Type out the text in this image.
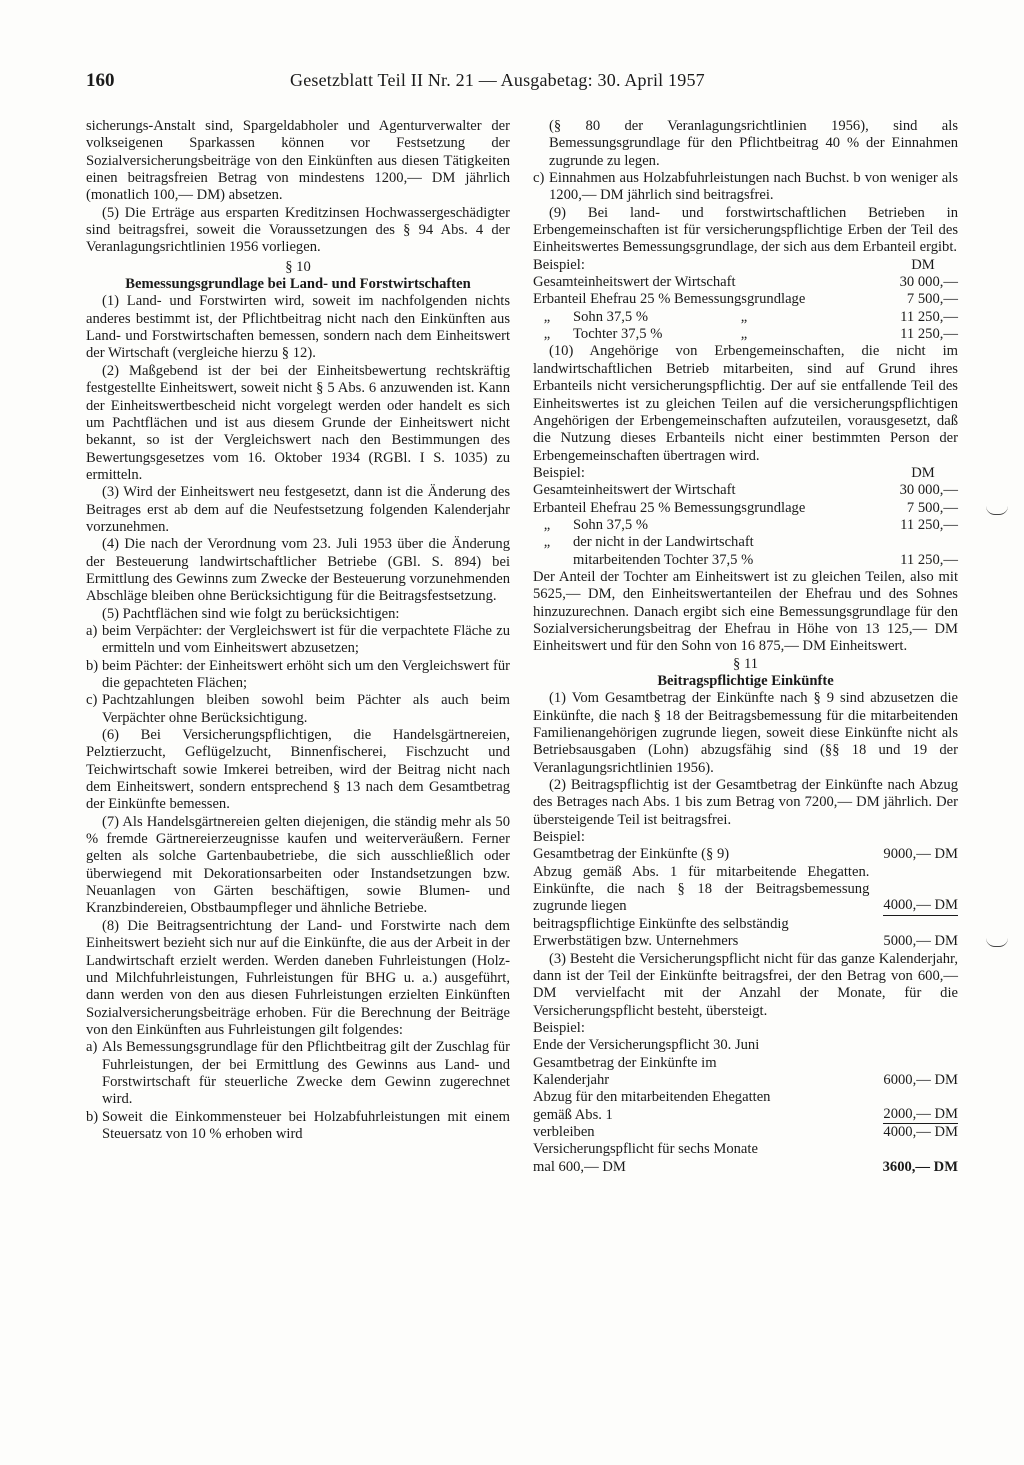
160	Gesetzblatt Teil II Nr. 21 — Ausgabetag: 30. April 1957

sicherungs-Anstalt sind, Spargeldabholer und Agenturverwalter der volkseigenen Sparkassen können vor Festsetzung der Sozialversicherungsbeiträge von den Einkünften aus diesen Tätigkeiten einen beitragsfreien Betrag von mindestens 1200,— DM jährlich (monatlich 100,— DM) absetzen.

(5) Die Erträge aus ersparten Kreditzinsen Hochwassergeschädigter sind beitragsfrei, soweit die Voraussetzungen des § 94 Abs. 4 der Veranlagungsrichtlinien 1956 vorliegen.

§ 10

Bemessungsgrundlage bei Land- und Forstwirtschaften

(1) Land- und Forstwirten wird, soweit im nachfolgenden nichts anderes bestimmt ist, der Pflichtbeitrag nicht nach den Einkünften aus Land- und Forstwirtschaften bemessen, sondern nach dem Einheitswert der Wirtschaft (vergleiche hierzu § 12).

(2) Maßgebend ist der bei der Einheitsbewertung rechtskräftig festgestellte Einheitswert, soweit nicht § 5 Abs. 6 anzuwenden ist. Kann der Einheitswertbescheid nicht vorgelegt werden oder handelt es sich um Pachtflächen und ist aus diesem Grunde der Einheitswert nicht bekannt, so ist der Vergleichswert nach den Bestimmungen des Bewertungsgesetzes vom 16. Oktober 1934 (RGBl. I S. 1035) zu ermitteln.

(3) Wird der Einheitswert neu festgesetzt, dann ist die Änderung des Beitrages erst ab dem auf die Neufestsetzung folgenden Kalenderjahr vorzunehmen.

(4) Die nach der Verordnung vom 23. Juli 1953 über die Änderung der Besteuerung landwirtschaftlicher Betriebe (GBl. S. 894) bei Ermittlung des Gewinns zum Zwecke der Besteuerung vorzunehmenden Abschläge bleiben ohne Berücksichtigung für die Beitragsfestsetzung.

(5) Pachtflächen sind wie folgt zu berücksichtigen:

a) beim Verpächter: der Vergleichswert ist für die verpachtete Fläche zu ermitteln und vom Einheitswert abzusetzen;

b) beim Pächter: der Einheitswert erhöht sich um den Vergleichswert für die gepachteten Flächen;

c) Pachtzahlungen bleiben sowohl beim Pächter als auch beim Verpächter ohne Berücksichtigung.

(6) Bei Versicherungspflichtigen, die Handelsgärtnereien, Pelztierzucht, Geflügelzucht, Binnenfischerei, Fischzucht und Teichwirtschaft sowie Imkerei betreiben, wird der Beitrag nicht nach dem Einheitswert, sondern entsprechend § 13 nach dem Gesamtbetrag der Einkünfte bemessen.

(7) Als Handelsgärtnereien gelten diejenigen, die ständig mehr als 50 % fremde Gärtnereierzeugnisse kaufen und weiterveräußern. Ferner gelten als solche Gartenbaubetriebe, die sich ausschließlich oder überwiegend mit Dekorationsarbeiten oder Instandsetzungen bzw. Neuanlagen von Gärten beschäftigen, sowie Blumen- und Kranzbindereien, Obstbaumpfleger und ähnliche Betriebe.

(8) Die Beitragsentrichtung der Land- und Forstwirte nach dem Einheitswert bezieht sich nur auf die Einkünfte, die aus der Arbeit in der Landwirtschaft erzielt werden. Werden daneben Fuhrleistungen (Holz- und Milchfuhrleistungen, Fuhrleistungen für BHG u. a.) ausgeführt, dann werden von den aus diesen Fuhrleistungen erzielten Einkünften Sozialversicherungsbeiträge erhoben. Für die Berechnung der Beiträge von den Einkünften aus Fuhrleistungen gilt folgendes:

a) Als Bemessungsgrundlage für den Pflichtbeitrag gilt der Zuschlag für Fuhrleistungen, der bei Ermittlung des Gewinns aus Land- und Forstwirtschaft für steuerliche Zwecke dem Gewinn zugerechnet wird.

b) Soweit die Einkommensteuer bei Holzabfuhrleistungen mit einem Steuersatz von 10 % erhoben wird

(§ 80 der Veranlagungsrichtlinien 1956), sind als Bemessungsgrundlage für den Pflichtbeitrag 40 % der Einnahmen zugrunde zu legen.

c) Einnahmen aus Holzabfuhrleistungen nach Buchst. b von weniger als 1200,— DM jährlich sind beitragsfrei.

(9) Bei land- und forstwirtschaftlichen Betrieben in Erbengemeinschaften ist für versicherungspflichtige Erben der Teil des Einheitswertes Bemessungsgrundlage, der sich aus dem Erbanteil ergibt.

Beispiel:	DM
Gesamteinheitswert der Wirtschaft	30 000,—
Erbanteil Ehefrau 25 % Bemessungsgrundlage	7 500,—
„ Sohn 37,5 %	„	11 250,—
„ Tochter 37,5 %	„	11 250,—

(10) Angehörige von Erbengemeinschaften, die nicht im landwirtschaftlichen Betrieb mitarbeiten, sind auf Grund ihres Erbanteils nicht versicherungspflichtig. Der auf sie entfallende Teil des Einheitswertes ist zu gleichen Teilen auf die versicherungspflichtigen Angehörigen der Erbengemeinschaften aufzuteilen, vorausgesetzt, daß die Nutzung dieses Erbanteils nicht einer bestimmten Person der Erbengemeinschaften übertragen wird.

Beispiel:	DM
Gesamteinheitswert der Wirtschaft	30 000,—
Erbanteil Ehefrau 25 % Bemessungsgrundlage	7 500,—
„ Sohn 37,5 %	11 250,—
„ der nicht in der Landwirtschaft
mitarbeitenden Tochter 37,5 %	11 250,—

Der Anteil der Tochter am Einheitswert ist zu gleichen Teilen, also mit 5625,— DM, den Einheitswertanteilen der Ehefrau und des Sohnes hinzuzurechnen. Danach ergibt sich eine Bemessungsgrundlage für den Sozialversicherungsbeitrag der Ehefrau in Höhe von 13 125,— DM Einheitswert und für den Sohn von 16 875,— DM Einheitswert.

§ 11

Beitragspflichtige Einkünfte

(1) Vom Gesamtbetrag der Einkünfte nach § 9 sind abzusetzen die Einkünfte, die nach § 18 der Beitragsbemessung für die mitarbeitenden Familienangehörigen zugrunde liegen, soweit diese Einkünfte nicht als Betriebsausgaben (Lohn) abzugsfähig sind (§§ 18 und 19 der Veranlagungsrichtlinien 1956).

(2) Beitragspflichtig ist der Gesamtbetrag der Einkünfte nach Abzug des Betrages nach Abs. 1 bis zum Betrag von 7200,— DM jährlich. Der übersteigende Teil ist beitragsfrei.

Beispiel:

Gesamtbetrag der Einkünfte (§ 9)	9000,— DM
Abzug gemäß Abs. 1 für mitarbeitende Ehegatten. Einkünfte, die nach § 18 der Beitragsbemessung zugrunde liegen	4000,— DM
beitragspflichtige Einkünfte des selbständig Erwerbstätigen bzw. Unternehmers	5000,— DM

(3) Besteht die Versicherungspflicht nicht für das ganze Kalenderjahr, dann ist der Teil der Einkünfte beitragsfrei, der den Betrag von 600,— DM vervielfacht mit der Anzahl der Monate, für die Versicherungspflicht besteht, übersteigt.

Beispiel:

Ende der Versicherungspflicht 30. Juni

Gesamtbetrag der Einkünfte im Kalenderjahr	6000,— DM
Abzug für den mitarbeitenden Ehegatten gemäß Abs. 1	2000,— DM
verbleiben	4000,— DM
Versicherungspflicht für sechs Monate mal 600,— DM	3600,— DM
